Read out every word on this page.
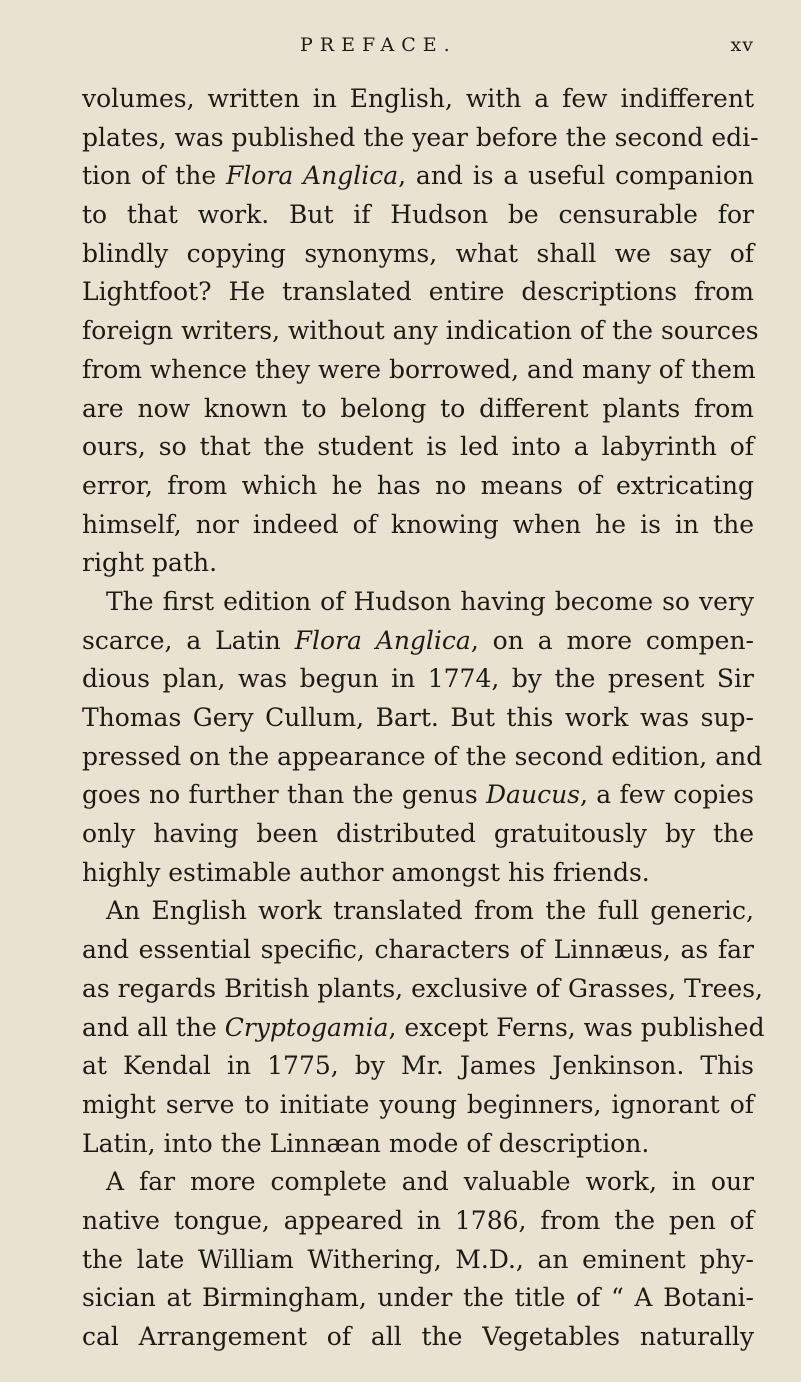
PREFACE.	xv
volumes, written in English, with a few indifferent
plates, was published the year before the second edi-
tion of the Flora Anglica, and is a useful companion
to that work. But if Hudson be censurable for
blindly copying synonyms, what shall we say of
Lightfoot? He translated entire descriptions from
foreign writers, without any indication of the sources
from whence they were borrowed, and many of them
are now known to belong to different plants from
ours, so that the student is led into a labyrinth of
error, from which he has no means of extricating
himself, nor indeed of knowing when he is in the
right path.
The first edition of Hudson having become so very
scarce, a Latin Flora Anglica, on a more compen-
dious plan, was begun in 1774, by the present Sir
Thomas Gery Cullum, Bart. But this work was sup-
pressed on the appearance of the second edition, and
goes no further than the genus Daucus, a few copies
only having been distributed gratuitously by the
highly estimable author amongst his friends.
An English work translated from the full generic,
and essential specific, characters of Linnæus, as far
as regards British plants, exclusive of Grasses, Trees,
and all the Cryptogamia, except Ferns, was published
at Kendal in 1775, by Mr. James Jenkinson. This
might serve to initiate young beginners, ignorant of
Latin, into the Linnæan mode of description.
A far more complete and valuable work, in our
native tongue, appeared in 1786, from the pen of
the late William Withering, M.D., an eminent phy-
sician at Birmingham, under the title of “ A Botani-
cal Arrangement of all the Vegetables naturally
